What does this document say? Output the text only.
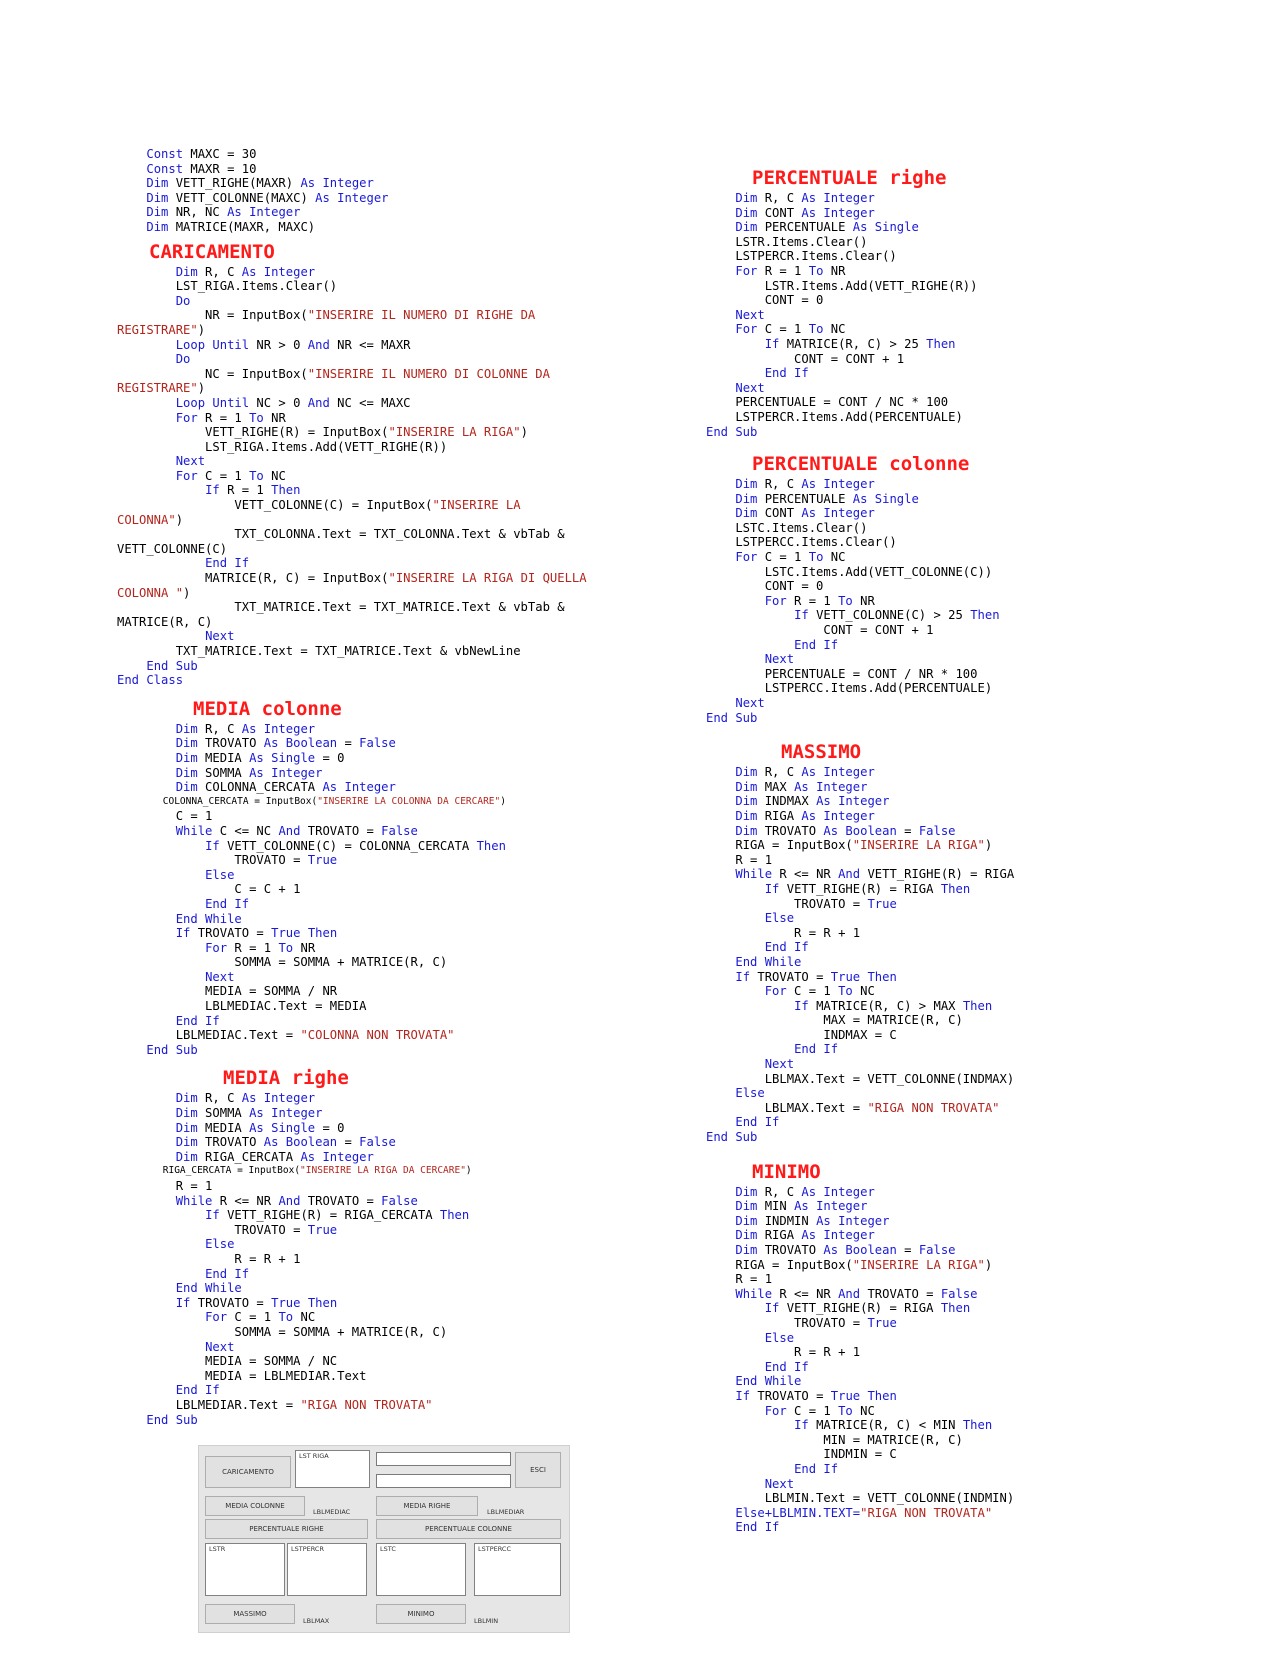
Const MAXC = 30
Const MAXR = 10
Dim VETT_RIGHE(MAXR) As Integer
Dim VETT_COLONNE(MAXC) As Integer
Dim NR, NC As Integer
Dim MATRICE(MAXR, MAXC)
CARICAMENTO
Dim R, C As Integer
LST_RIGA.Items.Clear()
Do
NR = InputBox("INSERIRE IL NUMERO DI RIGHE DA
REGISTRARE")
Loop Until NR > 0 And NR <= MAXR
Do
NC = InputBox("INSERIRE IL NUMERO DI COLONNE DA
REGISTRARE")
Loop Until NC > 0 And NC <= MAXC
For R = 1 To NR
VETT_RIGHE(R) = InputBox("INSERIRE LA RIGA")
LST_RIGA.Items.Add(VETT_RIGHE(R))
Next
For C = 1 To NC
If R = 1 Then
VETT_COLONNE(C) = InputBox("INSERIRE LA
COLONNA")
TXT_COLONNA.Text = TXT_COLONNA.Text & vbTab &
VETT_COLONNE(C)
End If
MATRICE(R, C) = InputBox("INSERIRE LA RIGA DI QUELLA
COLONNA ")
TXT_MATRICE.Text = TXT_MATRICE.Text & vbTab &
MATRICE(R, C)
Next
TXT_MATRICE.Text = TXT_MATRICE.Text & vbNewLine
End Sub
End Class
MEDIA colonne
Dim R, C As Integer
Dim TROVATO As Boolean = False
Dim MEDIA As Single = 0
Dim SOMMA As Integer
Dim COLONNA_CERCATA As Integer
COLONNA_CERCATA = InputBox("INSERIRE LA COLONNA DA CERCARE")
C = 1
While C <= NC And TROVATO = False
If VETT_COLONNE(C) = COLONNA_CERCATA Then
TROVATO = True
Else
C = C + 1
End If
End While
If TROVATO = True Then
For R = 1 To NR
SOMMA = SOMMA + MATRICE(R, C)
Next
MEDIA = SOMMA / NR
LBLMEDIAC.Text = MEDIA
End If
LBLMEDIAC.Text = "COLONNA NON TROVATA"
End Sub
MEDIA righe
Dim R, C As Integer
Dim SOMMA As Integer
Dim MEDIA As Single = 0
Dim TROVATO As Boolean = False
Dim RIGA_CERCATA As Integer
RIGA_CERCATA = InputBox("INSERIRE LA RIGA DA CERCARE")
R = 1
While R <= NR And TROVATO = False
If VETT_RIGHE(R) = RIGA_CERCATA Then
TROVATO = True
Else
R = R + 1
End If
End While
If TROVATO = True Then
For C = 1 To NC
SOMMA = SOMMA + MATRICE(R, C)
Next
MEDIA = SOMMA / NC
MEDIA = LBLMEDIAR.Text
End If
LBLMEDIAR.Text = "RIGA NON TROVATA"
End Sub
PERCENTUALE righe
Dim R, C As Integer
Dim CONT As Integer
Dim PERCENTUALE As Single
LSTR.Items.Clear()
LSTPERCR.Items.Clear()
For R = 1 To NR
LSTR.Items.Add(VETT_RIGHE(R))
CONT = 0
Next
For C = 1 To NC
If MATRICE(R, C) > 25 Then
CONT = CONT + 1
End If
Next
PERCENTUALE = CONT / NC * 100
LSTPERCR.Items.Add(PERCENTUALE)
End Sub
PERCENTUALE colonne
Dim R, C As Integer
Dim PERCENTUALE As Single
Dim CONT As Integer
LSTC.Items.Clear()
LSTPERCC.Items.Clear()
For C = 1 To NC
LSTC.Items.Add(VETT_COLONNE(C))
CONT = 0
For R = 1 To NR
If VETT_COLONNE(C) > 25 Then
CONT = CONT + 1
End If
Next
PERCENTUALE = CONT / NR * 100
LSTPERCC.Items.Add(PERCENTUALE)
Next
End Sub
MASSIMO
Dim R, C As Integer
Dim MAX As Integer
Dim INDMAX As Integer
Dim RIGA As Integer
Dim TROVATO As Boolean = False
RIGA = InputBox("INSERIRE LA RIGA")
R = 1
While R <= NR And VETT_RIGHE(R) = RIGA
If VETT_RIGHE(R) = RIGA Then
TROVATO = True
Else
R = R + 1
End If
End While
If TROVATO = True Then
For C = 1 To NC
If MATRICE(R, C) > MAX Then
MAX = MATRICE(R, C)
INDMAX = C
End If
Next
LBLMAX.Text = VETT_COLONNE(INDMAX)
Else
LBLMAX.Text = "RIGA NON TROVATA"
End If
End Sub
MINIMO
Dim R, C As Integer
Dim MIN As Integer
Dim INDMIN As Integer
Dim RIGA As Integer
Dim TROVATO As Boolean = False
RIGA = InputBox("INSERIRE LA RIGA")
R = 1
While R <= NR And TROVATO = False
If VETT_RIGHE(R) = RIGA Then
TROVATO = True
Else
R = R + 1
End If
End While
If TROVATO = True Then
For C = 1 To NC
If MATRICE(R, C) < MIN Then
MIN = MATRICE(R, C)
INDMIN = C
End If
Next
LBLMIN.Text = VETT_COLONNE(INDMIN)
Else+LBLMIN.TEXT="RIGA NON TROVATA"
End If
CARICAMENTO
LST RIGA
ESCI
MEDIA COLONNE
LBLMEDIAC
MEDIA RIGHE
LBLMEDIAR
PERCENTUALE RIGHE	PERCENTUALE COLONNE
LSTR	LSTPERCR	LSTC	LSTPERCC
MASSIMO
LBLMAX
MINIMO
LBLMIN
